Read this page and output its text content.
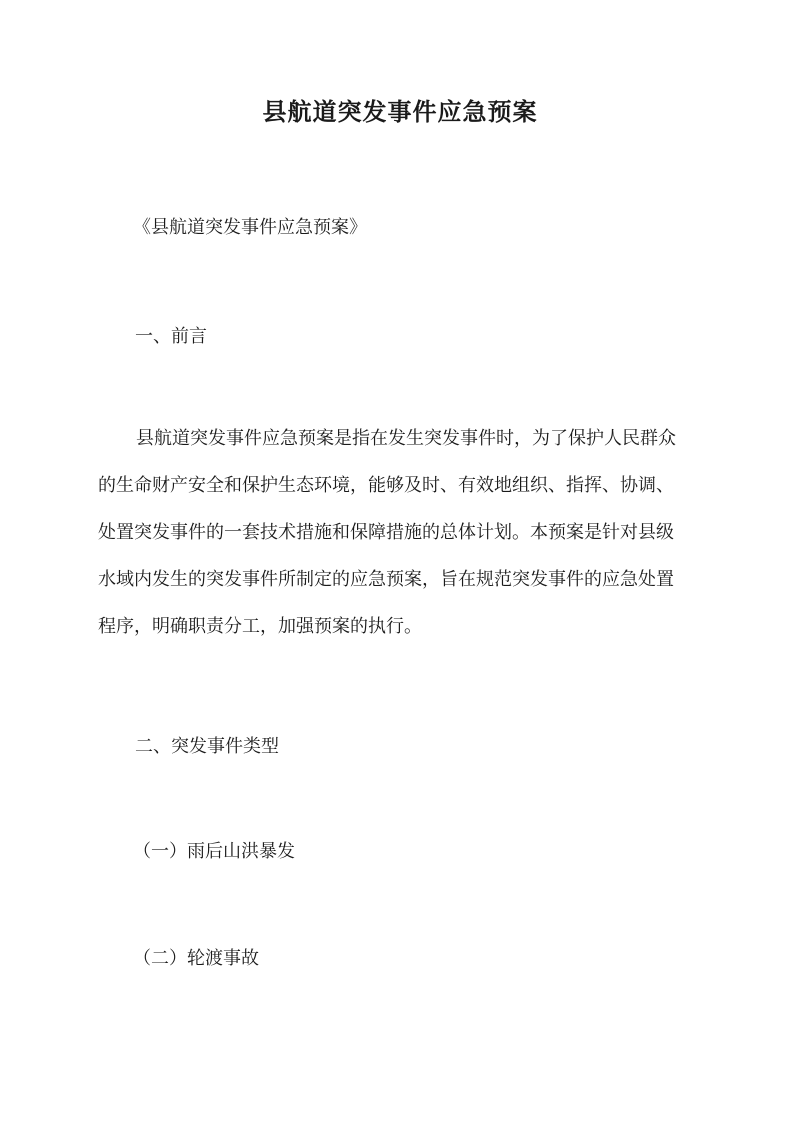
县航道突发事件应急预案
《县航道突发事件应急预案》
一、前言
县航道突发事件应急预案是指在发生突发事件时，为了保护人民群众
的生命财产安全和保护生态环境，能够及时、有效地组织、指挥、协调、
处置突发事件的一套技术措施和保障措施的总体计划。本预案是针对县级
水域内发生的突发事件所制定的应急预案，旨在规范突发事件的应急处置
程序，明确职责分工，加强预案的执行。
二、突发事件类型
（一）雨后山洪暴发
（二）轮渡事故
